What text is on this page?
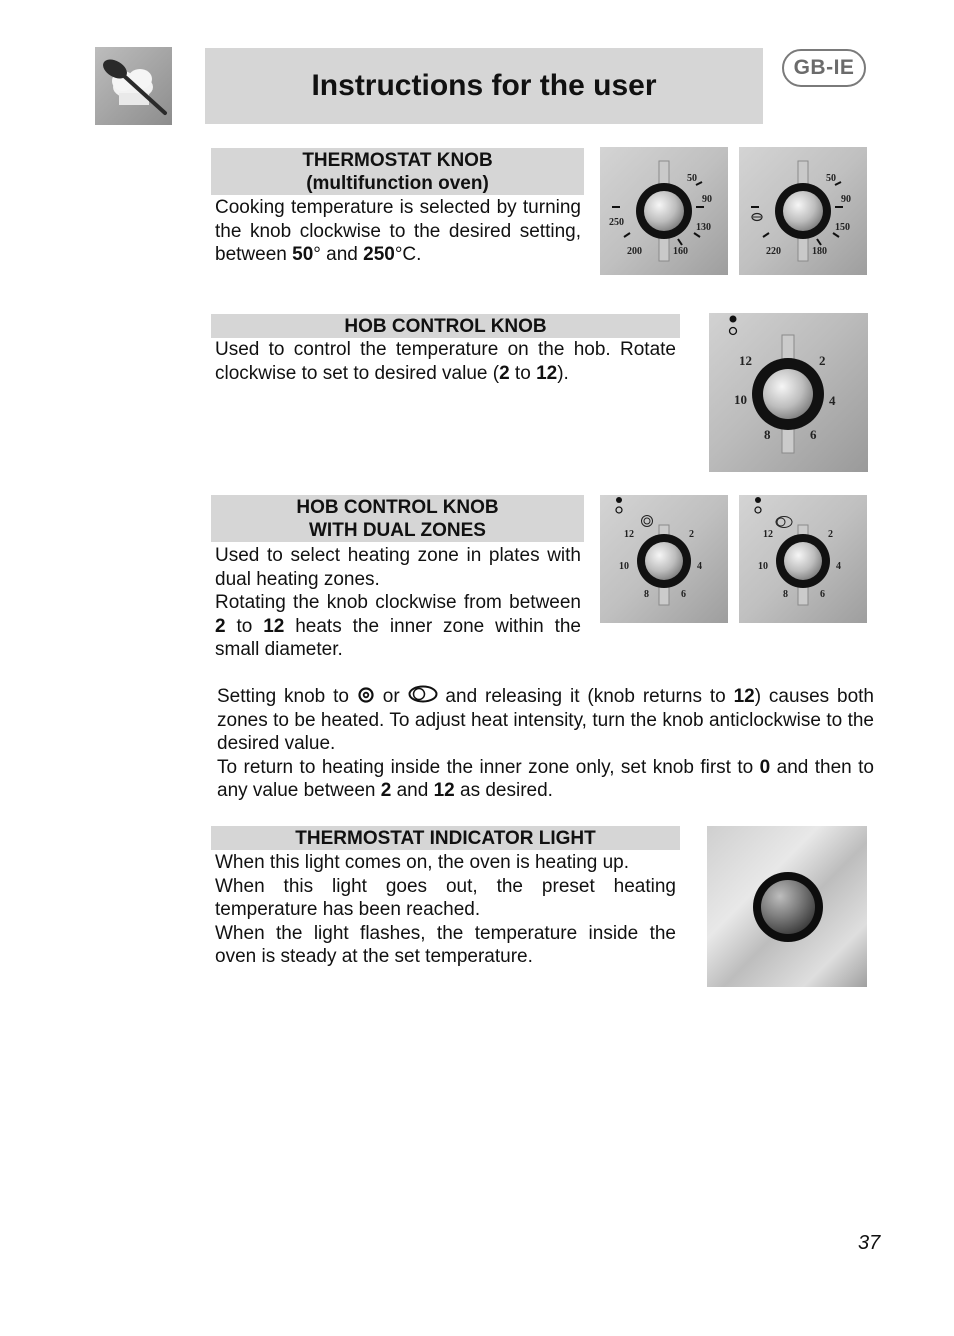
Instructions for the user
GB-IE
THERMOSTAT KNOB
(multifunction oven)

Cooking temperature is selected by turning the knob clockwise to the desired setting, between 50° and 250°C.

50
90
130
160
200
250
50
90
150
180
220
HOB CONTROL KNOB

Used to control the temperature on the hob. Rotate clockwise to set to desired value (2 to 12).

12	2
4
6
8
10
HOB CONTROL KNOB
WITH DUAL ZONES

Used to select heating zone in plates with dual heating zones.

Rotating the knob clockwise from between 2 to 12 heats the inner zone within the small diameter.

12	2
4
6
8
10
12	2
4
6
8
10

Setting knob to  or  and releasing it (knob returns to 12) causes both zones to be heated. To adjust heat intensity, turn the knob anticlockwise to the desired value.

To return to heating inside the inner zone only, set knob first to 0 and then to any value between 2 and 12 as desired.

THERMOSTAT INDICATOR LIGHT

When this light comes on, the oven is heating up.

When this light goes out, the preset heating temperature has been reached.

When the light flashes, the temperature inside the oven is steady at the set temperature.

37
